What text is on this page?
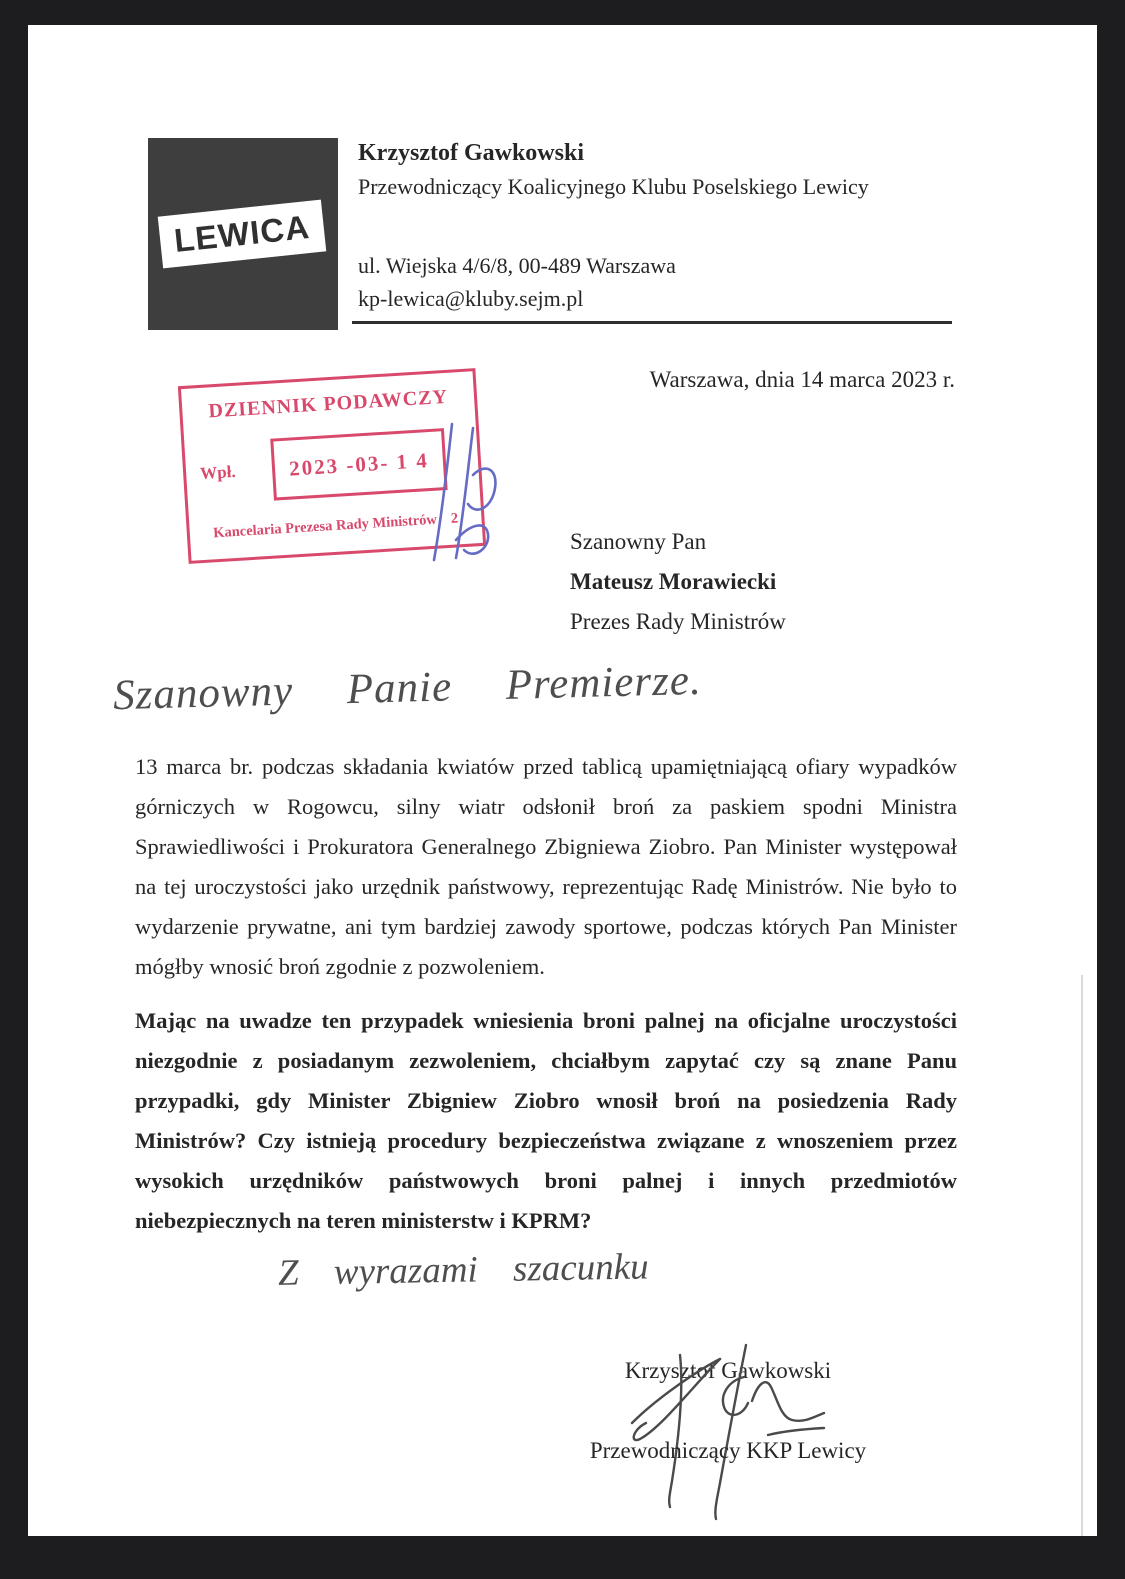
LEWICA
Krzysztof Gawkowski
Przewodniczący Koalicyjnego Klubu Poselskiego Lewicy
ul. Wiejska 4/6/8, 00-489 Warszawa
kp-lewica@kluby.sejm.pl
DZIENNIK PODAWCZY
Wpł. 2023 -03- 1 4
Kancelaria Prezesa Rady Ministrów 2
Warszawa, dnia 14 marca 2023 r.
Szanowny Pan
Mateusz Morawiecki
Prezes Rady Ministrów
Szanowny Panie Premierze.
13 marca br. podczas składania kwiatów przed tablicą upamiętniającą ofiary wypadków górniczych w Rogowcu, silny wiatr odsłonił broń za paskiem spodni Ministra Sprawiedliwości i Prokuratora Generalnego Zbigniewa Ziobro. Pan Minister występował na tej uroczystości jako urzędnik państwowy, reprezentując Radę Ministrów. Nie było to wydarzenie prywatne, ani tym bardziej zawody sportowe, podczas których Pan Minister mógłby wnosić broń zgodnie z pozwoleniem.
Mając na uwadze ten przypadek wniesienia broni palnej na oficjalne uroczystości niezgodnie z posiadanym zezwoleniem, chciałbym zapytać czy są znane Panu przypadki, gdy Minister Zbigniew Ziobro wnosił broń na posiedzenia Rady Ministrów? Czy istnieją procedury bezpieczeństwa związane z wnoszeniem przez wysokich urzędników państwowych broni palnej i innych przedmiotów niebezpiecznych na teren ministerstw i KPRM?
Z wyrazami szacunku
Krzysztof Gawkowski
Przewodniczący KKP Lewicy
